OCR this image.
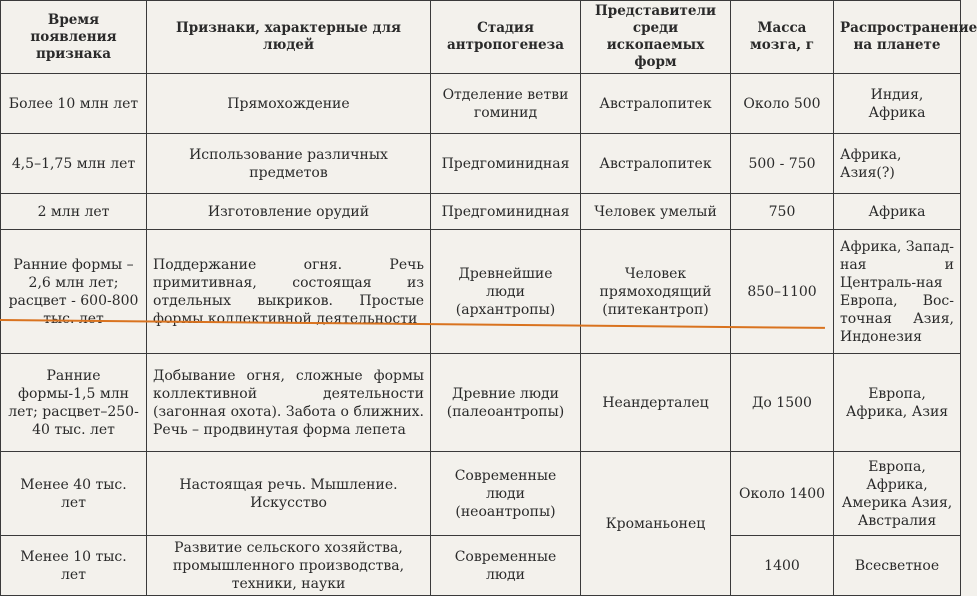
Время появления признака	Признаки, характерные для людей	Стадия антропогенеза	Представители среди ископаемых форм	Масса мозга, г	Распространение на планете
Более 10 млн лет	Прямохождение	Отделение ветви гоминид	Австралопитек	Около 500	Индия, Африка
4,5–1,75 млн лет	Использование различных предметов	Предгоминидная	Австралопитек	500 - 750	Африка, Азия(?)
2 млн лет	Изготовление орудий	Предгоминидная	Человек умелый	750	Африка
Ранние формы – 2,6 млн лет; расцвет - 600-800 тыс. лет	Поддержание огня. Речь примитивная, состоящая из отдельных выкриков. Простые формы коллективной деятельности	Древнейшие люди (архантропы)	Человек прямоходящий (питекантроп)	850–1100	Африка, Запад-ная и Централь-ная Европа, Вос-точная Азия, Индонезия
Ранние формы-1,5 млн лет; расцвет–250-40 тыс. лет	Добывание огня, сложные формы коллективной деятельности (загонная охота). Забота о ближних. Речь – продвинутая форма лепета	Древние люди (палеоантропы)	Неандерталец	До 1500	Европа, Африка, Азия
Менее 40 тыс. лет	Настоящая речь. Мышление. Искусство	Современные люди (неоантропы)	Кроманьонец	Около 1400	Европа, Африка, Америка Азия, Австралия
Менее 10 тыс. лет	Развитие сельского хозяйства, промышленного производства, техники, науки	Современные люди		1400	Всесветное
